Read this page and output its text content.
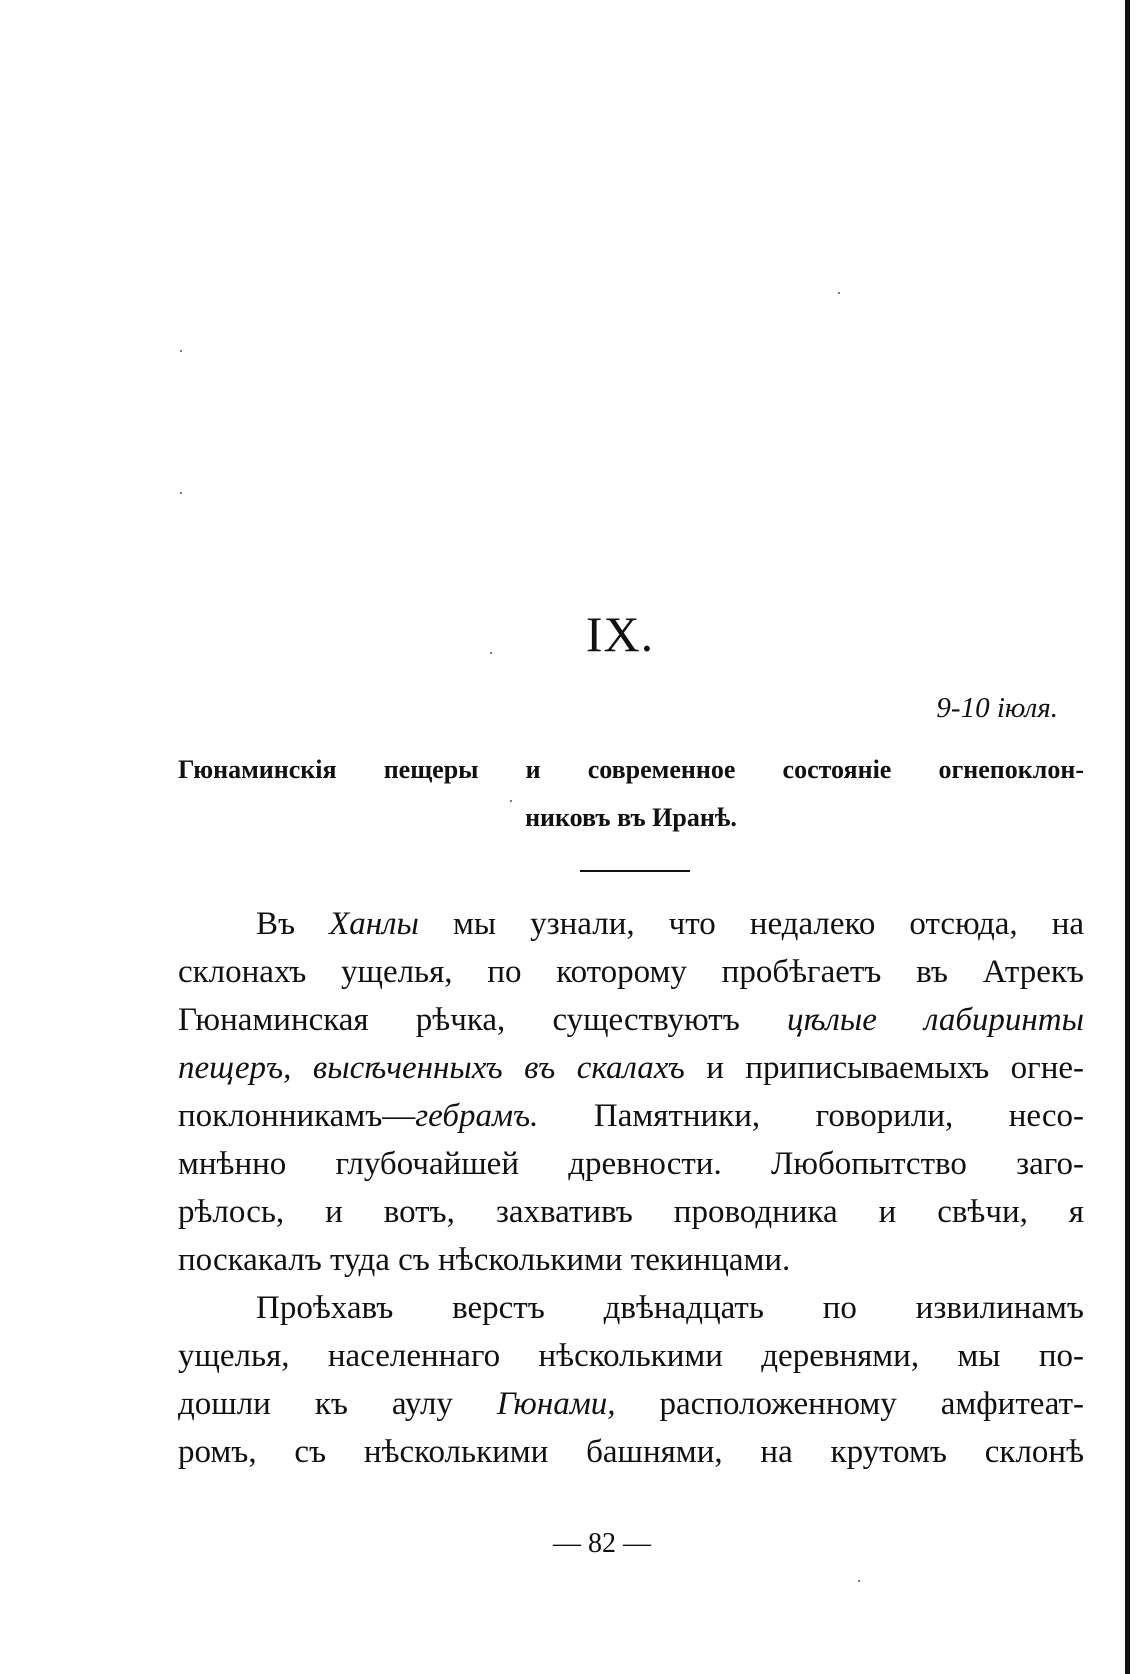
IX.
9-10 iюля.
Гюнаминскія пещеры и современное состояніе огнепоклон-
никовъ въ Иранѣ.
Въ Ханлы мы узнали, что недалеко отсюда, на
склонахъ ущелья, по которому пробѣгаетъ въ Атрекъ
Гюнаминская рѣчка, существуютъ цѣлые лабиринты
пещеръ, высѣченныхъ въ скалахъ и приписываемыхъ огне-
поклонникамъ—гебрамъ. Памятники, говорили, несо-
мнѣнно глубочайшей древности. Любопытство заго-
рѣлось, и вотъ, захвативъ проводника и свѣчи, я
поскакалъ туда съ нѣсколькими текинцами.
Проѣхавъ верстъ двѣнадцать по извилинамъ
ущелья, населеннаго нѣсколькими деревнями, мы по-
дошли къ аулу Гюнами, расположенному амфитеат-
ромъ, съ нѣсколькими башнями, на крутомъ склонѣ
— 82 —
